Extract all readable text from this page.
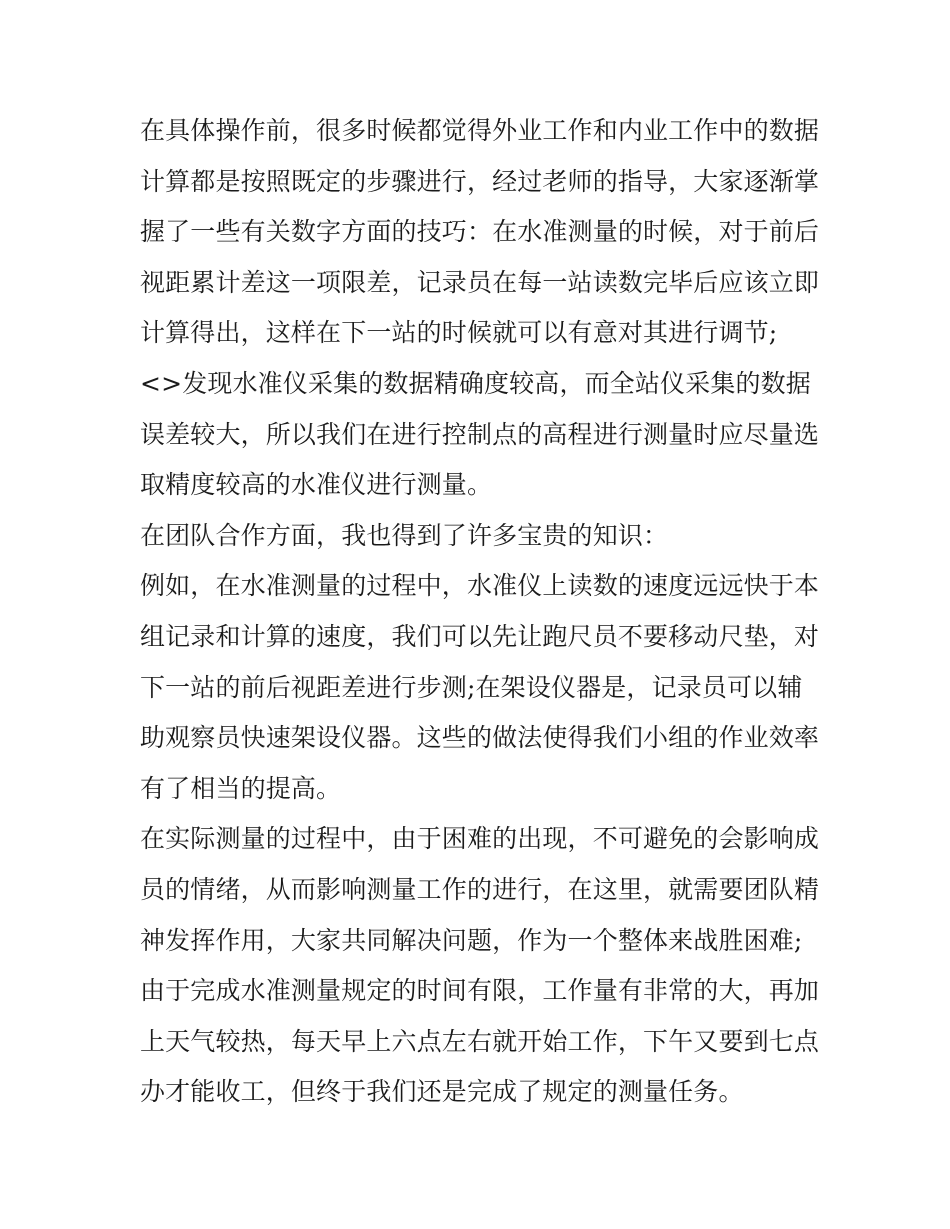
在具体操作前，很多时候都觉得外业工作和内业工作中的数据
计算都是按照既定的步骤进行，经过老师的指导，大家逐渐掌
握了一些有关数字方面的技巧：在水准测量的时候，对于前后
视距累计差这一项限差，记录员在每一站读数完毕后应该立即
计算得出，这样在下一站的时候就可以有意对其进行调节;
<>发现水准仪采集的数据精确度较高，而全站仪采集的数据
误差较大，所以我们在进行控制点的高程进行测量时应尽量选
取精度较高的水准仪进行测量。
在团队合作方面，我也得到了许多宝贵的知识：
例如，在水准测量的过程中，水准仪上读数的速度远远快于本
组记录和计算的速度，我们可以先让跑尺员不要移动尺垫，对
下一站的前后视距差进行步测;在架设仪器是，记录员可以辅
助观察员快速架设仪器。这些的做法使得我们小组的作业效率
有了相当的提高。
在实际测量的过程中，由于困难的出现，不可避免的会影响成
员的情绪，从而影响测量工作的进行，在这里，就需要团队精
神发挥作用，大家共同解决问题，作为一个整体来战胜困难;
由于完成水准测量规定的时间有限，工作量有非常的大，再加
上天气较热，每天早上六点左右就开始工作，下午又要到七点
办才能收工，但终于我们还是完成了规定的测量任务。
